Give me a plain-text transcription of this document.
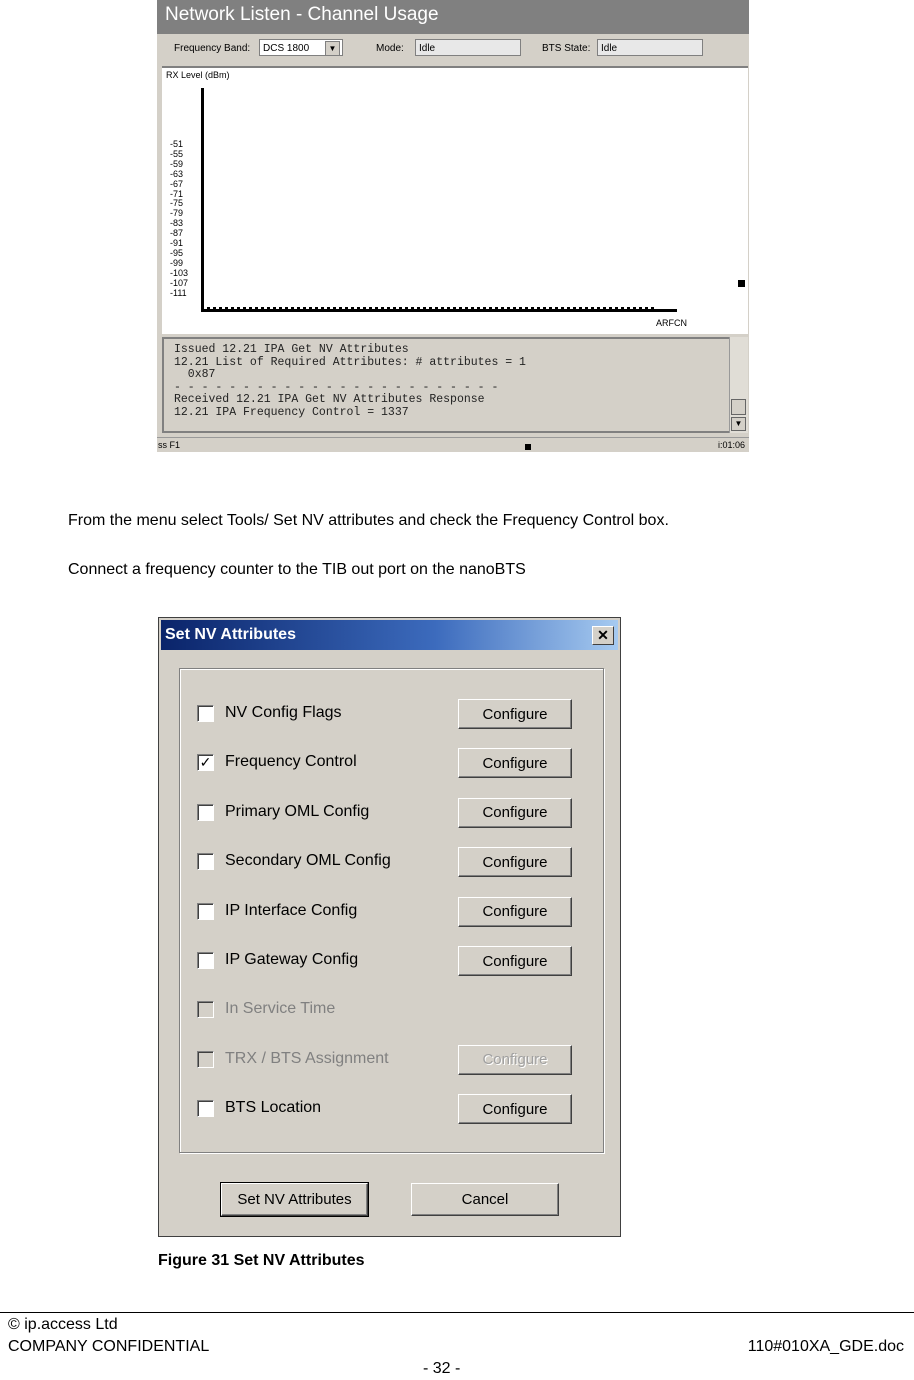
Network Listen - Channel Usage
Frequency Band:	DCS 1800	▼	Mode:	Idle	BTS State:	Idle
RX Level (dBm)
-51
-55
-59
-63
-67
-71
-75
-79
-83
-87
-91
-95
-99
-103
-107
-111
ARFCN
Issued 12.21 IPA Get NV Attributes
12.21 List of Required Attributes: # attributes = 1
0x87
- - - - - - - - - - - - - - - - - - - - - - - -
Received 12.21 IPA Get NV Attributes Response
12.21 IPA Frequency Control = 1337
▼
ss F1	i:01:06
From the menu select Tools/ Set NV attributes and check the Frequency Control box.
Connect a frequency counter to the TIB out port on the nanoBTS
Set NV Attributes	✕
NV Config Flags	Configure
✓ Frequency Control	Configure
Primary OML Config	Configure
Secondary OML Config	Configure
IP Interface Config	Configure
IP Gateway Config	Configure
In Service Time
TRX / BTS Assignment	Configure
BTS Location	Configure
Set NV Attributes	Cancel
Figure 31 Set NV Attributes
© ip.access Ltd
COMPANY CONFIDENTIAL	110#010XA_GDE.doc
- 32 -
